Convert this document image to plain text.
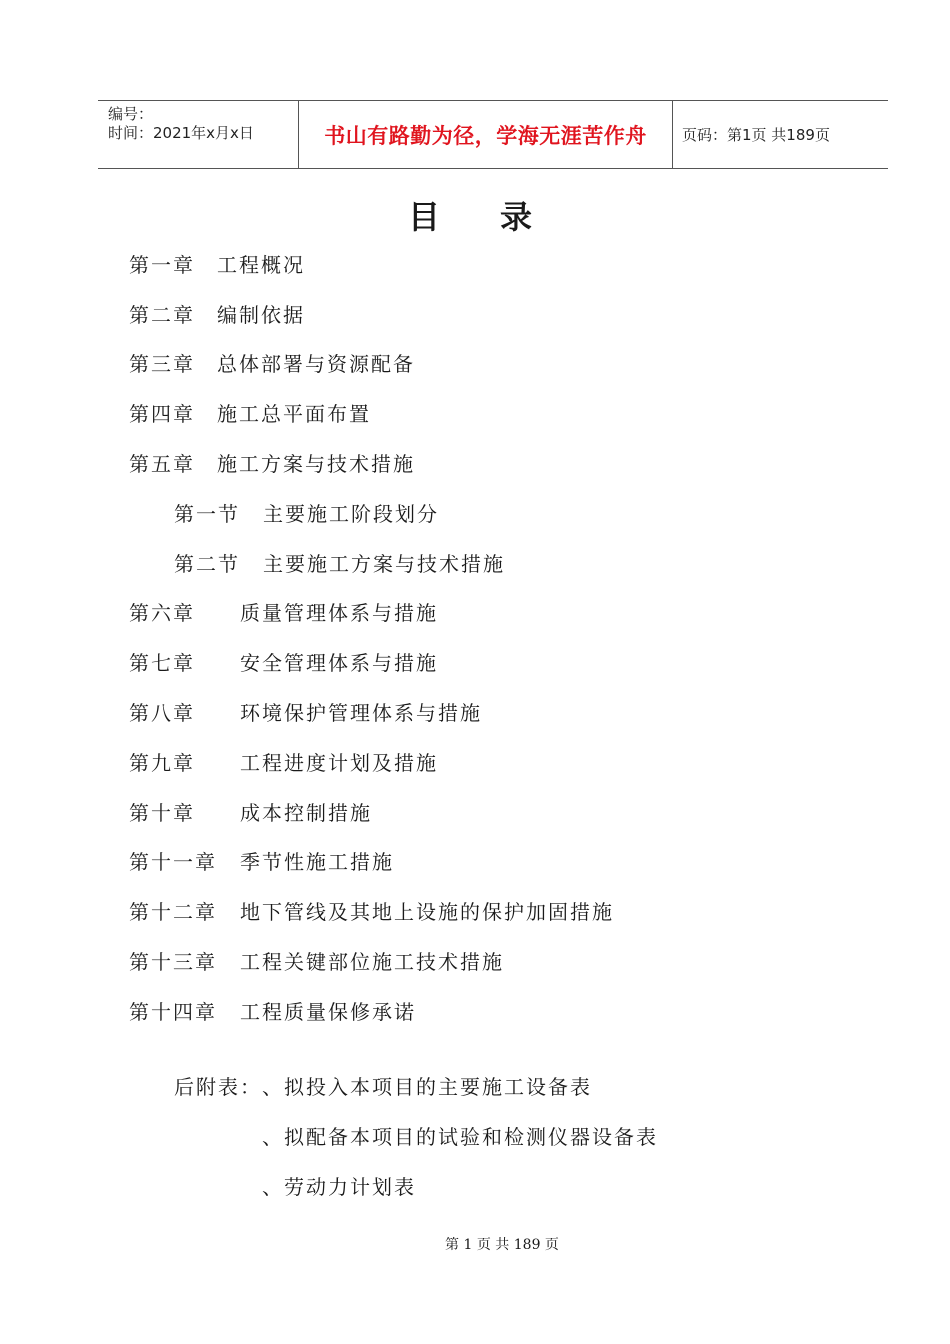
编号：
时间：2021年x月x日	书山有路勤为径，学海无涯苦作舟	页码：第1页 共189页
目录
第一章 工程概况
第二章 编制依据
第三章 总体部署与资源配备
第四章 施工总平面布置
第五章 施工方案与技术措施
第一节 主要施工阶段划分
第二节 主要施工方案与技术措施
第六章 质量管理体系与措施
第七章 安全管理体系与措施
第八章 环境保护管理体系与措施
第九章 工程进度计划及措施
第十章 成本控制措施
第十一章 季节性施工措施
第十二章 地下管线及其地上设施的保护加固措施
第十三章 工程关键部位施工技术措施
第十四章 工程质量保修承诺
后附表： 、拟投入本项目的主要施工设备表
、拟配备本项目的试验和检测仪器设备表
、劳动力计划表
第 1 页 共 189 页
